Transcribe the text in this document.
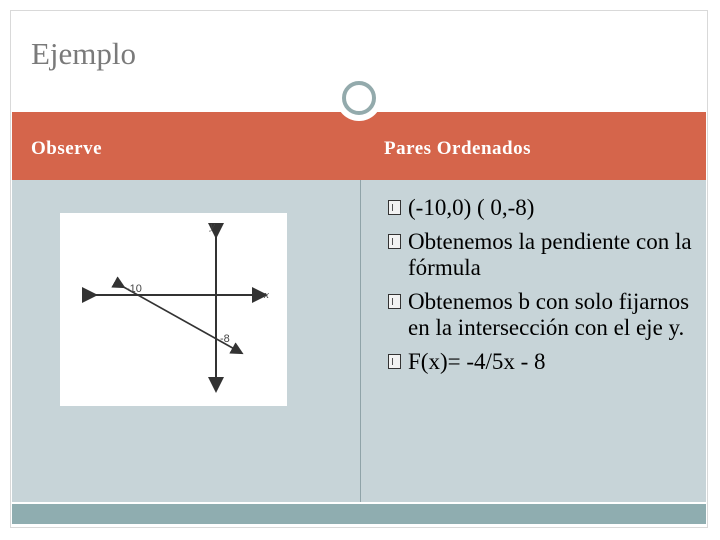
Ejemplo
Observe	Pares Ordenados
y
x
-10
-8
(-10,0) ( 0,-8)
Obtenemos la pendiente con la fórmula
Obtenemos b con solo fijarnos en la intersección con el eje y.
F(x)= -4/5x - 8
